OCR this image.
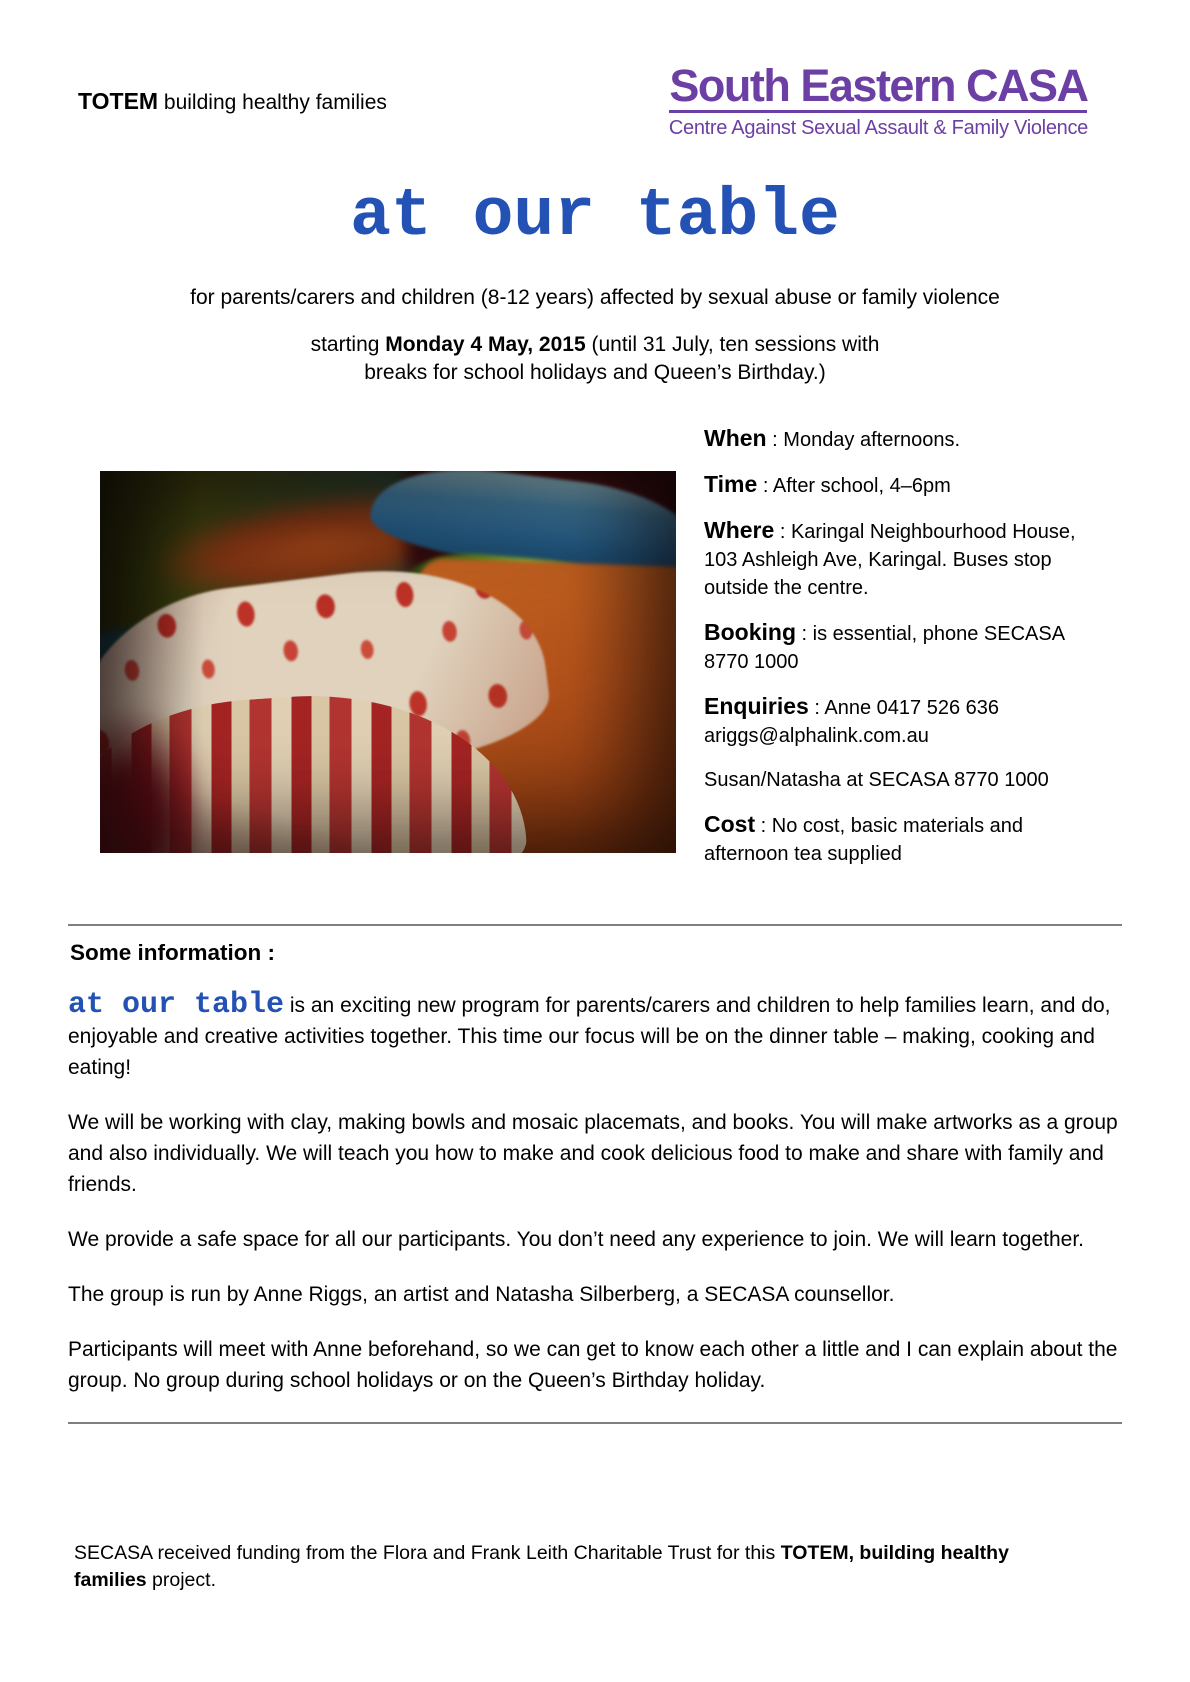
TOTEM building healthy families	South Eastern CASA
Centre Against Sexual Assault & Family Violence
at our table
for parents/carers and children (8-12 years) affected by sexual abuse or family violence
starting Monday 4 May, 2015 (until 31 July, ten sessions with
breaks for school holidays and Queen’s Birthday.)

When : Monday afternoons.

Time : After school, 4–6pm

Where : Karingal Neighbourhood House, 103 Ashleigh Ave, Karingal. Buses stop outside the centre.

Booking : is essential, phone SECASA 8770 1000

Enquiries : Anne 0417 526 636
ariggs@alphalink.com.au

Susan/Natasha at SECASA 8770 1000

Cost : No cost, basic materials and afternoon tea supplied

Some information :

at our table is an exciting new program for parents/carers and children to help families learn, and do, enjoyable and creative activities together. This time our focus will be on the dinner table – making, cooking and eating!

We will be working with clay, making bowls and mosaic placemats, and books. You will make artworks as a group and also individually. We will teach you how to make and cook delicious food to make and share with family and friends.

We provide a safe space for all our participants. You don’t need any experience to join. We will learn together.

The group is run by Anne Riggs, an artist and Natasha Silberberg, a SECASA counsellor.

Participants will meet with Anne beforehand, so we can get to know each other a little and I can explain about the group. No group during school holidays or on the Queen’s Birthday holiday.

SECASA received funding from the Flora and Frank Leith Charitable Trust for this TOTEM, building healthy families project.
